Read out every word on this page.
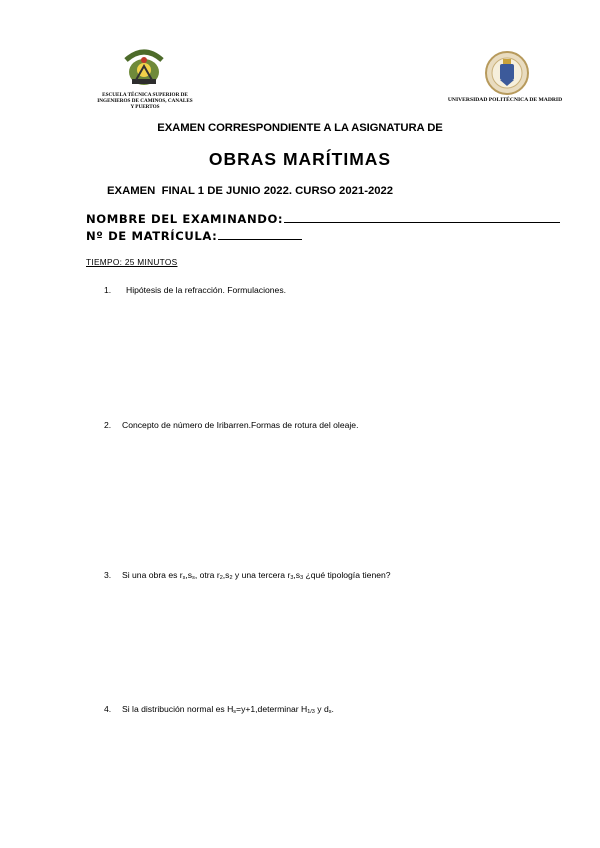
ESCUELA TÉCNICA SUPERIOR DE
INGENIEROS DE CAMINOS, CANALES
Y PUERTOS
UNIVERSIDAD POLITÉCNICA DE MADRID
EXAMEN CORRESPONDIENTE A LA ASIGNATURA DE
OBRAS MARÍTIMAS
EXAMEN  FINAL 1 DE JUNIO 2022. CURSO 2021-2022
NOMBRE DEL EXAMINANDO:
Nº DE MATRÍCULA:
TIEMPO: 25 MINUTOS
1. Hipótesis de la refracción. Formulaciones.
2. Concepto de número de Iribarren.Formas de rotura del oleaje.
3. Si una obra es $r_s,s_s$, otra $r_2,s_2$ y una tercera $r_3,s_3$ ¿qué tipología tienen?
4. Si la distribución normal es $H_s=y+1,determinar$ $H_{1/3}$ y $d_s$.
